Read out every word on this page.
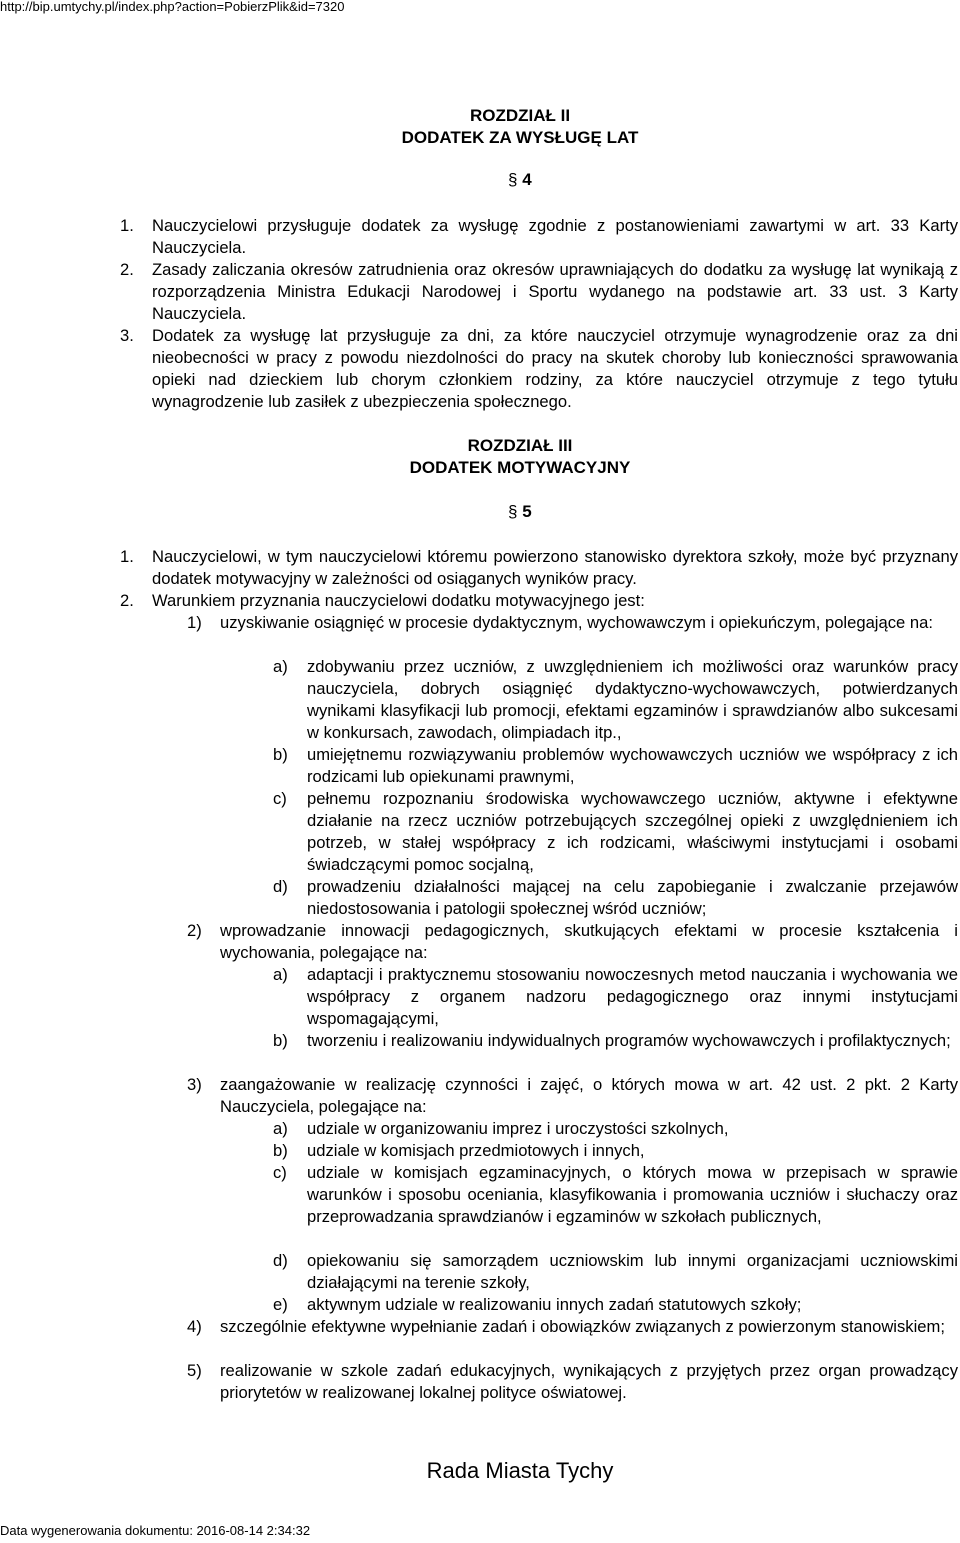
http://bip.umtychy.pl/index.php?action=PobierzPlik&id=7320
ROZDZIAŁ II
DODATEK ZA WYSŁUGĘ LAT
§ 4
1. Nauczycielowi przysługuje dodatek za wysługę zgodnie z postanowieniami zawartymi w art. 33 Karty Nauczyciela.
2. Zasady zaliczania okresów zatrudnienia oraz okresów uprawniających do dodatku za wysługę lat wynikają z rozporządzenia Ministra Edukacji Narodowej i Sportu wydanego na podstawie art. 33 ust. 3 Karty Nauczyciela.
3. Dodatek za wysługę lat przysługuje za dni, za które nauczyciel otrzymuje wynagrodzenie oraz za dni nieobecności w pracy z powodu niezdolności do pracy na skutek choroby lub konieczności sprawowania opieki nad dzieckiem lub chorym członkiem rodziny, za które nauczyciel otrzymuje z tego tytułu wynagrodzenie lub zasiłek z ubezpieczenia społecznego.
ROZDZIAŁ III
DODATEK MOTYWACYJNY
§ 5
1. Nauczycielowi, w tym nauczycielowi któremu powierzono stanowisko dyrektora szkoły, może być przyznany dodatek motywacyjny w zależności od osiąganych wyników pracy.
2. Warunkiem przyznania nauczycielowi dodatku motywacyjnego jest:
1) uzyskiwanie osiągnięć w procesie dydaktycznym, wychowawczym i opiekuńczym, polegające na:
a) zdobywaniu przez uczniów, z uwzględnieniem ich możliwości oraz warunków pracy nauczyciela, dobrych osiągnięć dydaktyczno-wychowawczych, potwierdzanych wynikami klasyfikacji lub promocji, efektami egzaminów i sprawdzianów albo sukcesami w konkursach, zawodach, olimpiadach itp.,
b) umiejętnemu rozwiązywaniu problemów wychowawczych uczniów we współpracy z ich rodzicami lub opiekunami prawnymi,
c) pełnemu rozpoznaniu środowiska wychowawczego uczniów, aktywne i efektywne działanie na rzecz uczniów potrzebujących szczególnej opieki z uwzględnieniem ich potrzeb, w stałej współpracy z ich rodzicami, właściwymi instytucjami i osobami świadczącymi pomoc socjalną,
d) prowadzeniu działalności mającej na celu zapobieganie i zwalczanie przejawów niedostosowania i patologii społecznej wśród uczniów;
2) wprowadzanie innowacji pedagogicznych, skutkujących efektami w procesie kształcenia i wychowania, polegające na:
a) adaptacji i praktycznemu stosowaniu nowoczesnych metod nauczania i wychowania we współpracy z organem nadzoru pedagogicznego oraz innymi instytucjami wspomagającymi,
b) tworzeniu i realizowaniu indywidualnych programów wychowawczych i profilaktycznych;
3) zaangażowanie w realizację czynności i zajęć, o których mowa w art. 42 ust. 2 pkt. 2 Karty Nauczyciela, polegające na:
a) udziale w organizowaniu imprez i uroczystości szkolnych,
b) udziale w komisjach przedmiotowych i innych,
c) udziale w komisjach egzaminacyjnych, o których mowa w przepisach w sprawie warunków i sposobu oceniania, klasyfikowania i promowania uczniów i słuchaczy oraz przeprowadzania sprawdzianów i egzaminów w szkołach publicznych,
d) opiekowaniu się samorządem uczniowskim lub innymi organizacjami uczniowskimi działającymi na terenie szkoły,
e) aktywnym udziale w realizowaniu innych zadań statutowych szkoły;
4) szczególnie efektywne wypełnianie zadań i obowiązków związanych z powierzonym stanowiskiem;
5) realizowanie w szkole zadań edukacyjnych, wynikających z przyjętych przez organ prowadzący priorytetów w realizowanej lokalnej polityce oświatowej.
Rada Miasta Tychy
Data wygenerowania dokumentu: 2016-08-14 2:34:32
